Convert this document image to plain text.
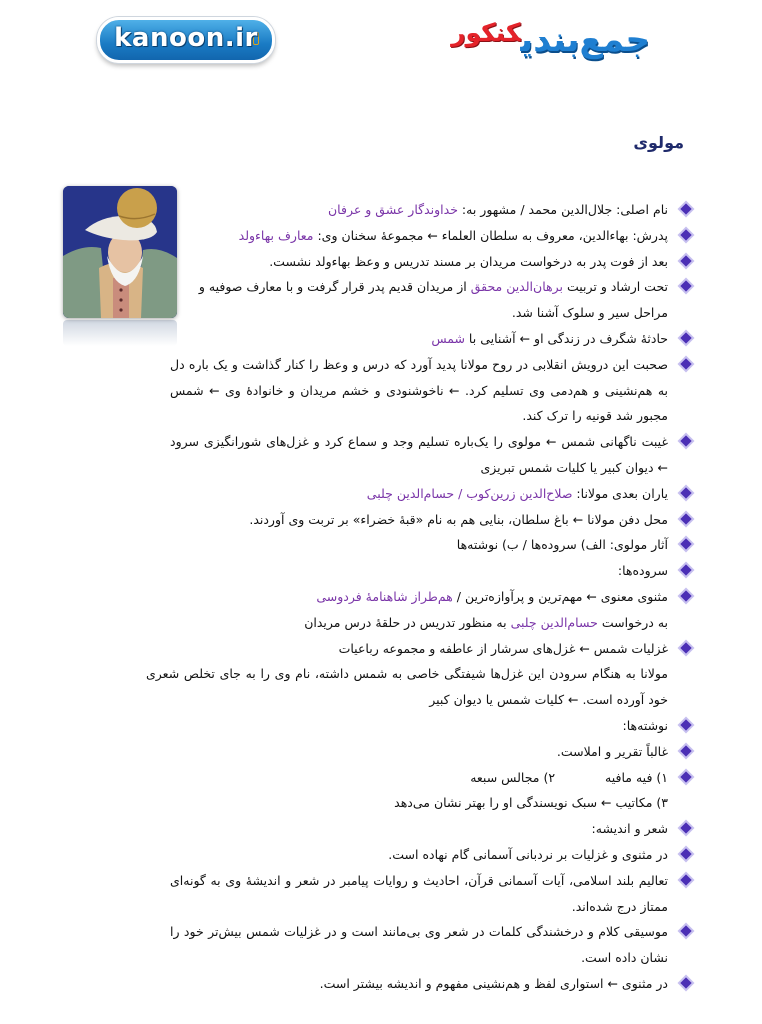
kanoon.ir	جمع‌بندیکنکور
مولوی

نام اصلی: جلال‌الدین محمد / مشهور به: خداوندگار عشق و عرفان

پدرش: بهاءالدین، معروف به سلطان العلماء ← مجموعهٔ سخنان وی: معارف بهاءولد

بعد از فوت پدر به درخواست مریدان بر مسند تدریس و وعظ بهاءولد نشست.

تحت ارشاد و تربیت برهان‌الدین محقق از مریدان قدیم پدر قرار گرفت و با معارف صوفیه و مراحل سیر و سلوک آشنا شد.

حادثهٔ شگرف در زندگی او ← آشنایی با شمس

صحبت این درویش انقلابی در روح مولانا پدید آورد که درس و وعظ را کنار گذاشت و یک باره دل به هم‌نشینی و هم‌دمی وی تسلیم کرد. ← ناخوشنودی و خشم مریدان و خانوادهٔ وی ← شمس مجبور شد قونیه را ترک کند.

غیبت ناگهانی شمس ← مولوی را یک‌باره تسلیم وجد و سماع کرد و غزل‌های شورانگیزی سرود ← دیوان کبیر یا کلیات شمس تبریزی

یاران بعدی مولانا: صلاح‌الدین زرین‌کوب / حسام‌الدین چلبی

محل دفن مولانا ← باغ سلطان، بنایی هم به نام «قبهٔ خضراء» بر تربت وی آوردند.

آثار مولوی: الف) سروده‌ها / ب) نوشته‌ها

سروده‌ها:

مثنوی معنوی ← مهم‌ترین و پرآوازه‌ترین / هم‌طراز شاهنامهٔ فردوسی

به درخواست حسام‌الدین چلبی به منظور تدریس در حلقهٔ درس مریدان

غزلیات شمس ← غزل‌های سرشار از عاطفه و مجموعه رباعیات

مولانا به هنگام سرودن این غزل‌ها شیفتگی خاصی به شمس داشته، نام وی را به جای تخلص شعری خود آورده است. ← کلیات شمس یا دیوان کبیر

نوشته‌ها:

غالباً تقریر و املاست.

۱) فیه مافیه۲) مجالس سبعه

۳) مکاتیب ← سبک نویسندگی او را بهتر نشان می‌دهد

شعر و اندیشه:

در مثنوی و غزلیات بر نردبانی آسمانی گام نهاده است.

تعالیم بلند اسلامی، آیات آسمانی قرآن، احادیث و روایات پیامبر در شعر و اندیشهٔ وی به گونه‌ای ممتاز درج شده‌اند.

موسیقی کلام و درخشندگی کلمات در شعر وی بی‌مانند است و در غزلیات شمس بیش‌تر خود را نشان داده است.

در مثنوی ← استواری لفظ و هم‌نشینی مفهوم و اندیشه بیشتر است.
